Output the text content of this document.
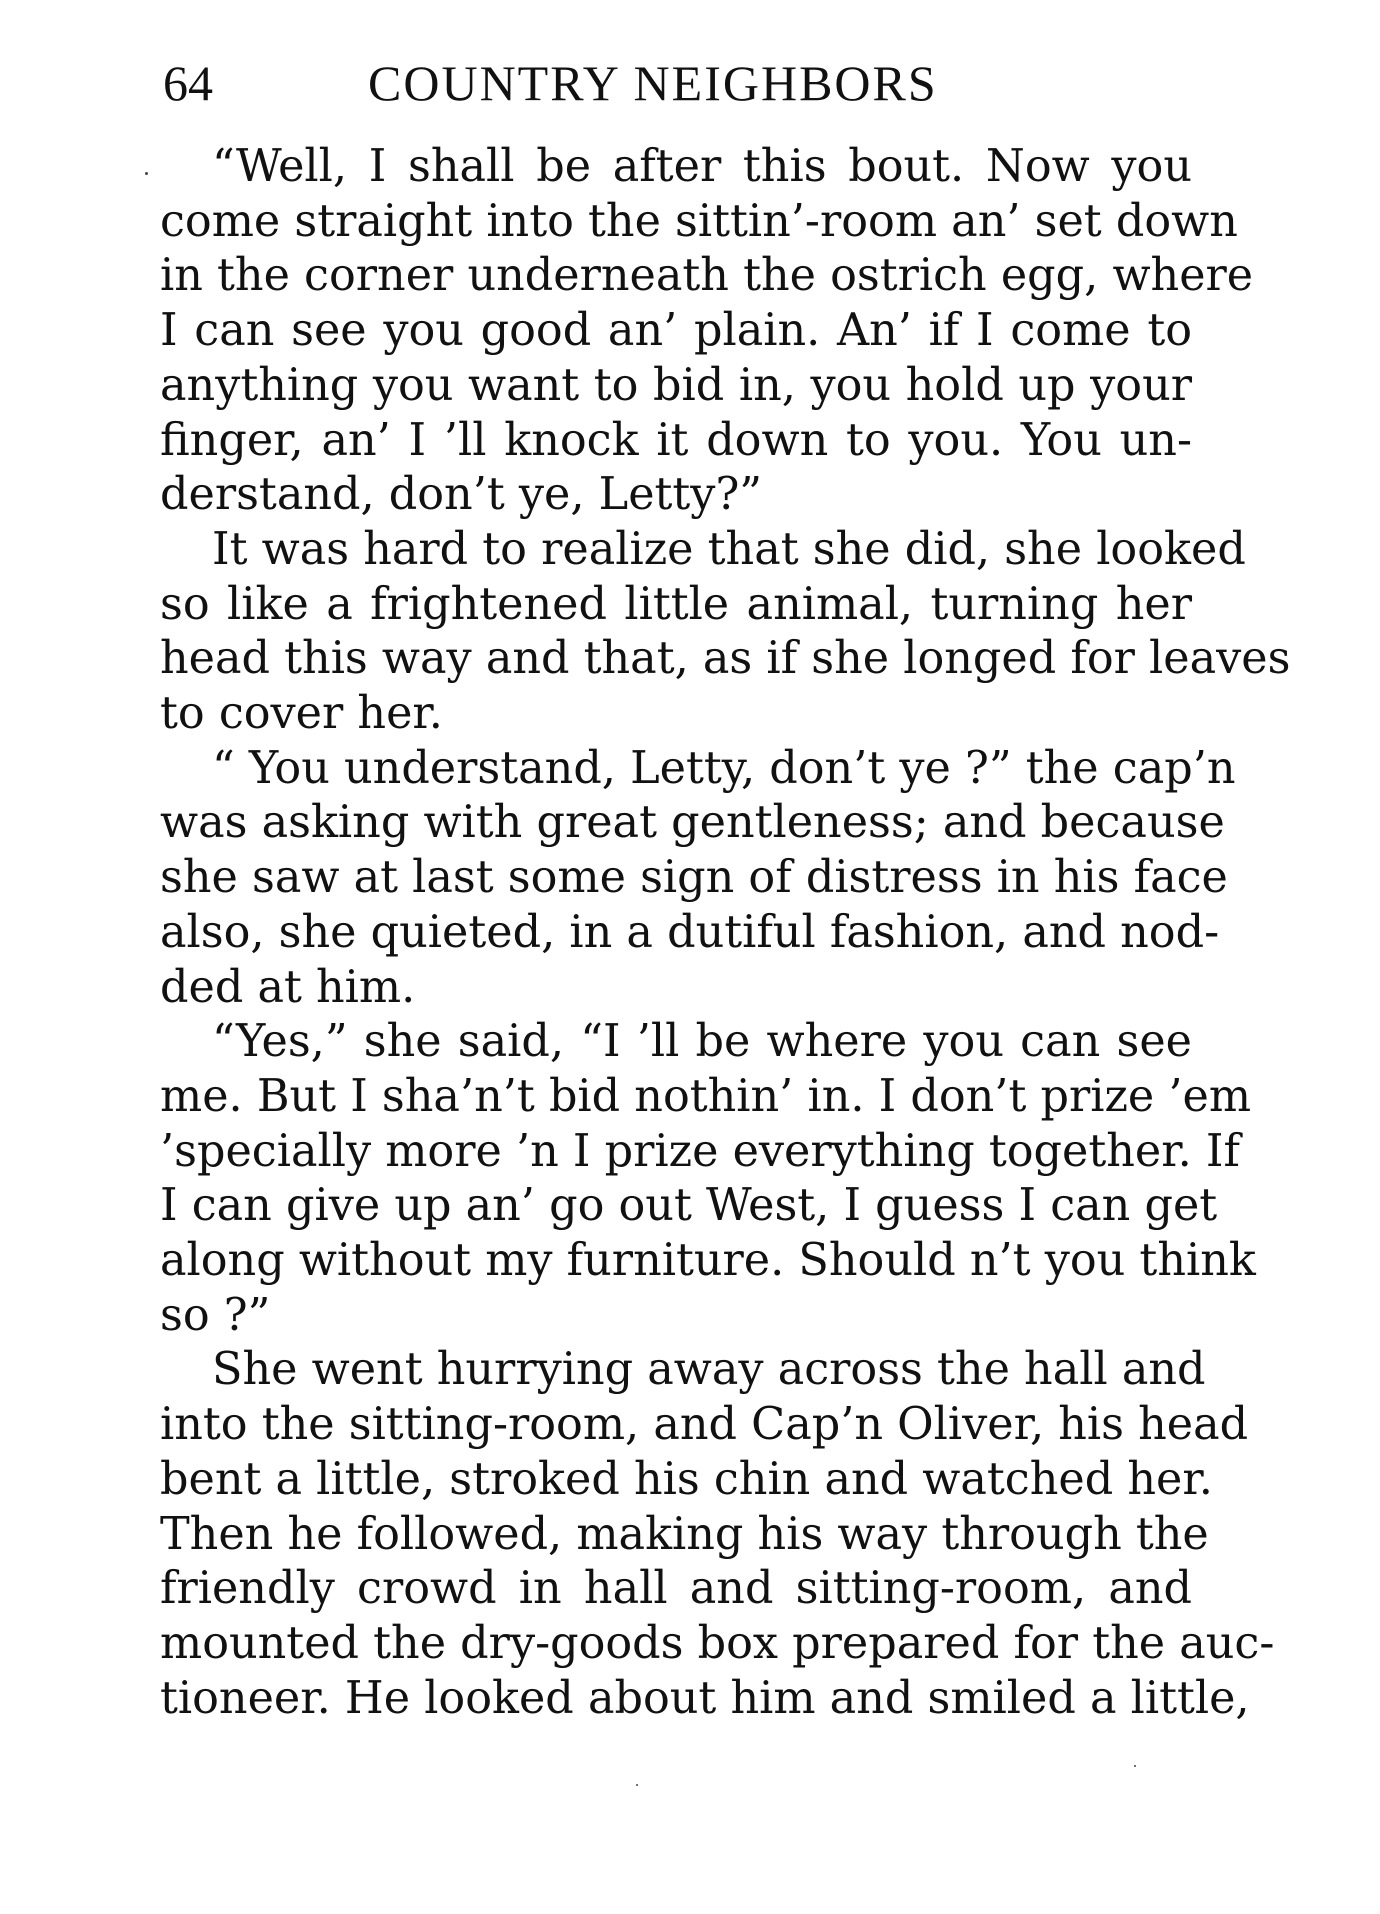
64	COUNTRY NEIGHBORS

“Well, I shall be after this bout. Now you
come straight into the sittin’-room an’ set down
in the corner underneath the ostrich egg, where
I can see you good an’ plain. An’ if I come to
anything you want to bid in, you hold up your
finger, an’ I ’ll knock it down to you. You un-
derstand, don’t ye, Letty?”

It was hard to realize that she did, she looked
so like a frightened little animal, turning her
head this way and that, as if she longed for leaves
to cover her.

“ You understand, Letty, don’t ye ?” the cap’n
was asking with great gentleness; and because
she saw at last some sign of distress in his face
also, she quieted, in a dutiful fashion, and nod-
ded at him.

“Yes,” she said, “I ’ll be where you can see
me. But I sha’n’t bid nothin’ in. I don’t prize ’em
’specially more ’n I prize everything together. If
I can give up an’ go out West, I guess I can get
along without my furniture. Should n’t you think
so ?”

She went hurrying away across the hall and
into the sitting-room, and Cap’n Oliver, his head
bent a little, stroked his chin and watched her.
Then he followed, making his way through the
friendly crowd in hall and sitting-room, and
mounted the dry-goods box prepared for the auc-
tioneer. He looked about him and smiled a little,
